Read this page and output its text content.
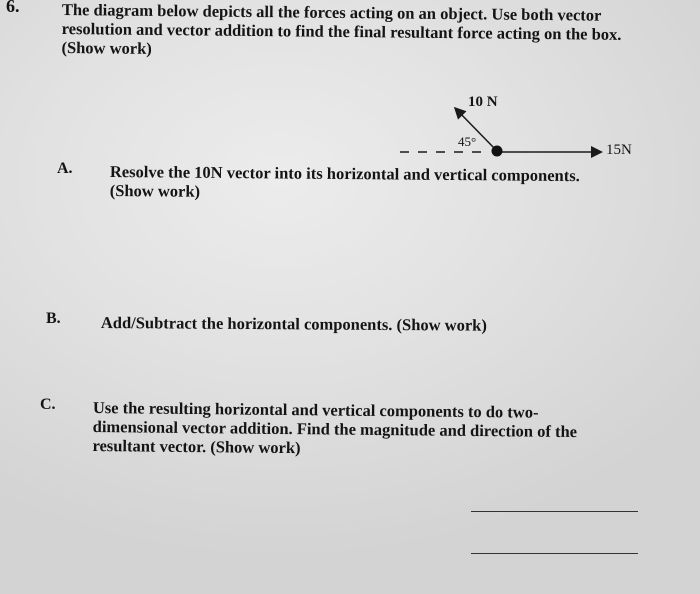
6.	The diagram below depicts all the forces acting on an object. Use both vector
resolution and vector addition to find the final resultant force acting on the box.
(Show work)
10 N
45°
15N
A. Resolve the 10N vector into its horizontal and vertical components.
(Show work)
B. Add/Subtract the horizontal components. (Show work)
C. Use the resulting horizontal and vertical components to do two-
dimensional vector addition. Find the magnitude and direction of the
resultant vector. (Show work)
